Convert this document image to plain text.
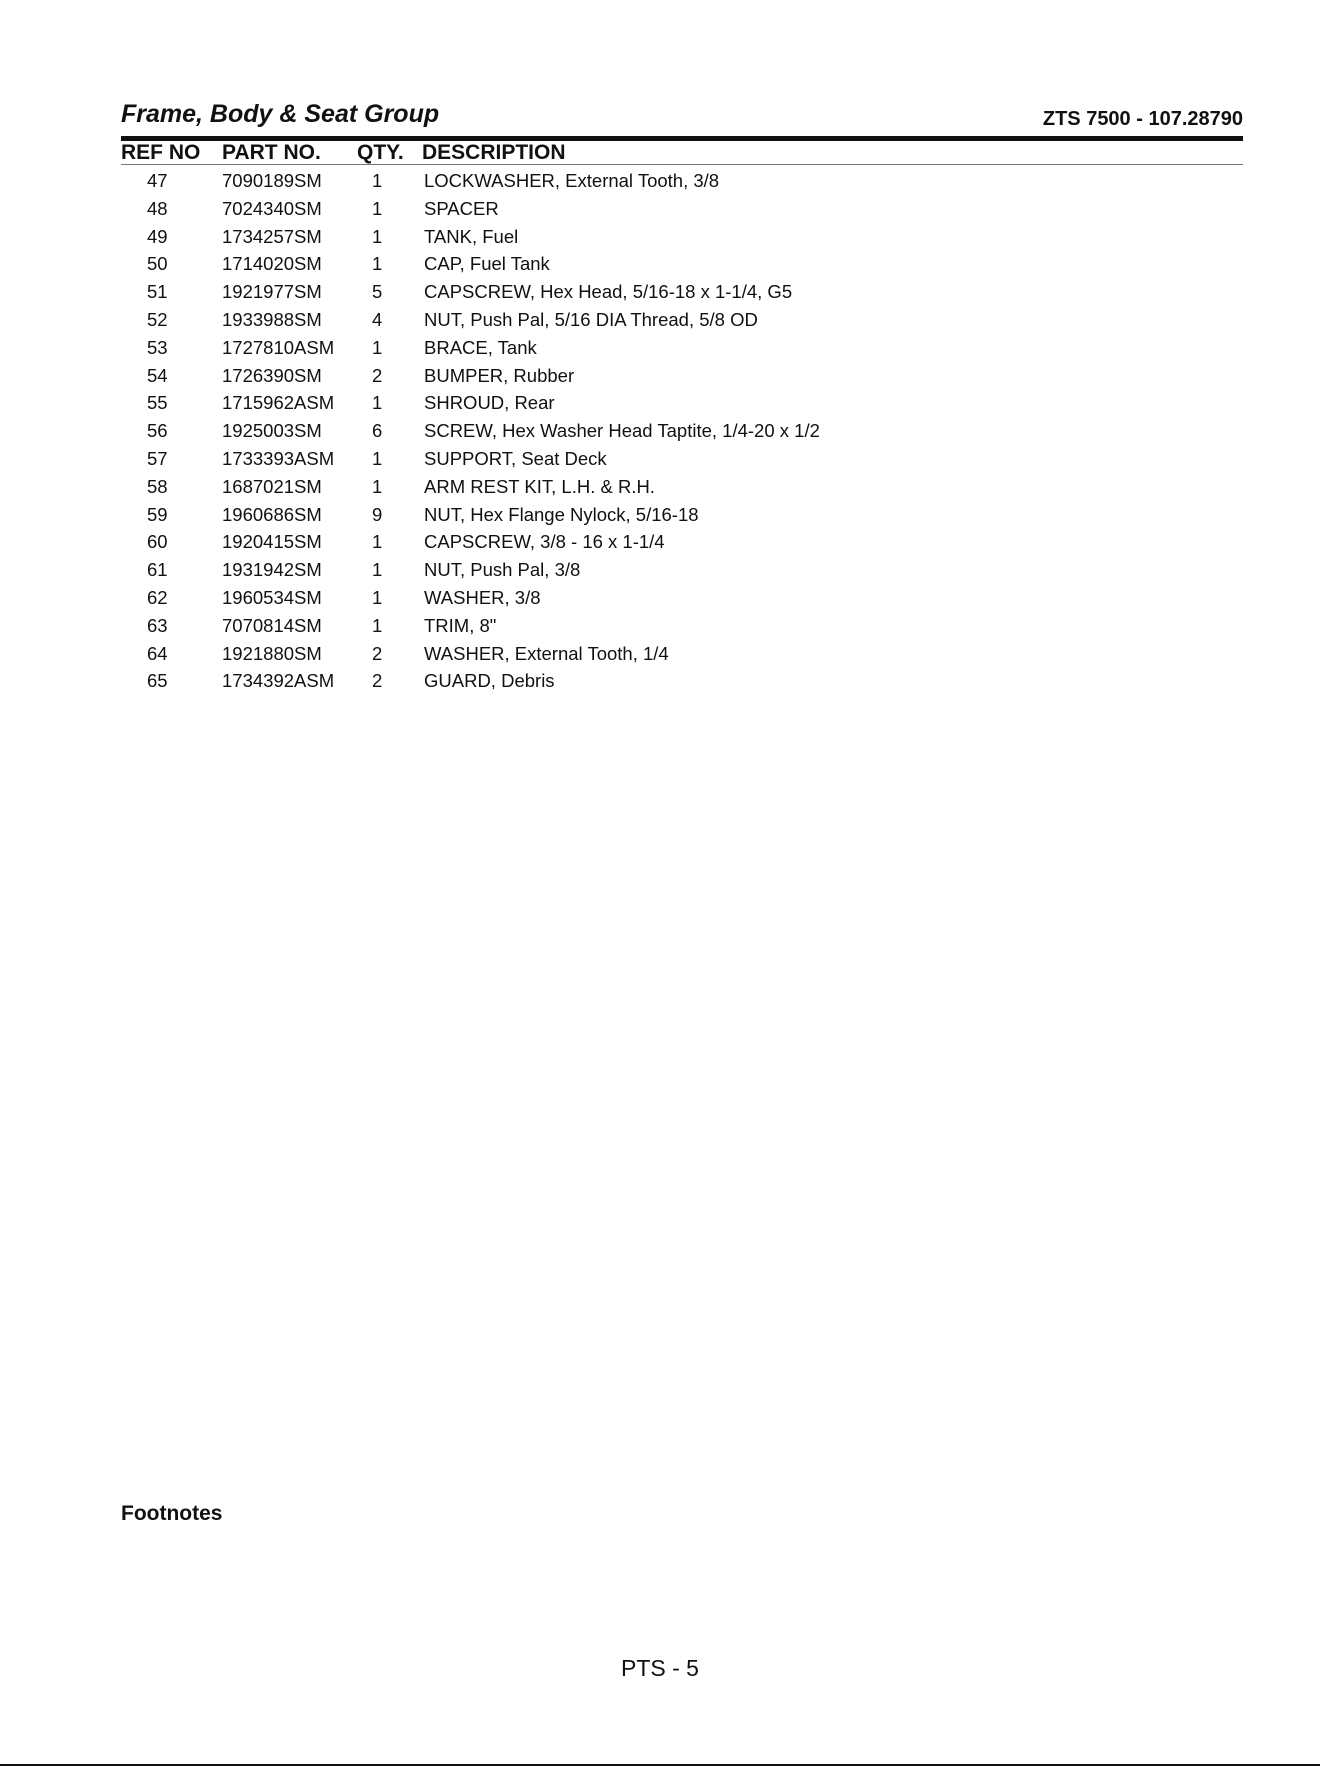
Frame, Body & Seat Group	ZTS 7500 - 107.28790
REF NO PART NO. QTY. DESCRIPTION
47	7090189SM	1 LOCKWASHER, External Tooth, 3/8
48	7024340SM	1 SPACER
49	1734257SM	1 TANK, Fuel
50	1714020SM	1 CAP, Fuel Tank
51	1921977SM	5 CAPSCREW, Hex Head, 5/16-18 x 1-1/4, G5
52	1933988SM	4 NUT, Push Pal, 5/16 DIA Thread, 5/8 OD
53	1727810ASM 1 BRACE, Tank
54	1726390SM	2 BUMPER, Rubber
55	1715962ASM 1 SHROUD, Rear
56	1925003SM	6 SCREW, Hex Washer Head Taptite, 1/4-20 x 1/2
57	1733393ASM 1 SUPPORT, Seat Deck
58	1687021SM	1 ARM REST KIT, L.H. & R.H.
59	1960686SM	9 NUT, Hex Flange Nylock, 5/16-18
60	1920415SM	1 CAPSCREW, 3/8 - 16 x 1-1/4
61	1931942SM	1 NUT, Push Pal, 3/8
62	1960534SM	1 WASHER, 3/8
63	7070814SM	1 TRIM, 8"
64	1921880SM	2 WASHER, External Tooth, 1/4
65	1734392ASM 2 GUARD, Debris
Footnotes
PTS - 5
